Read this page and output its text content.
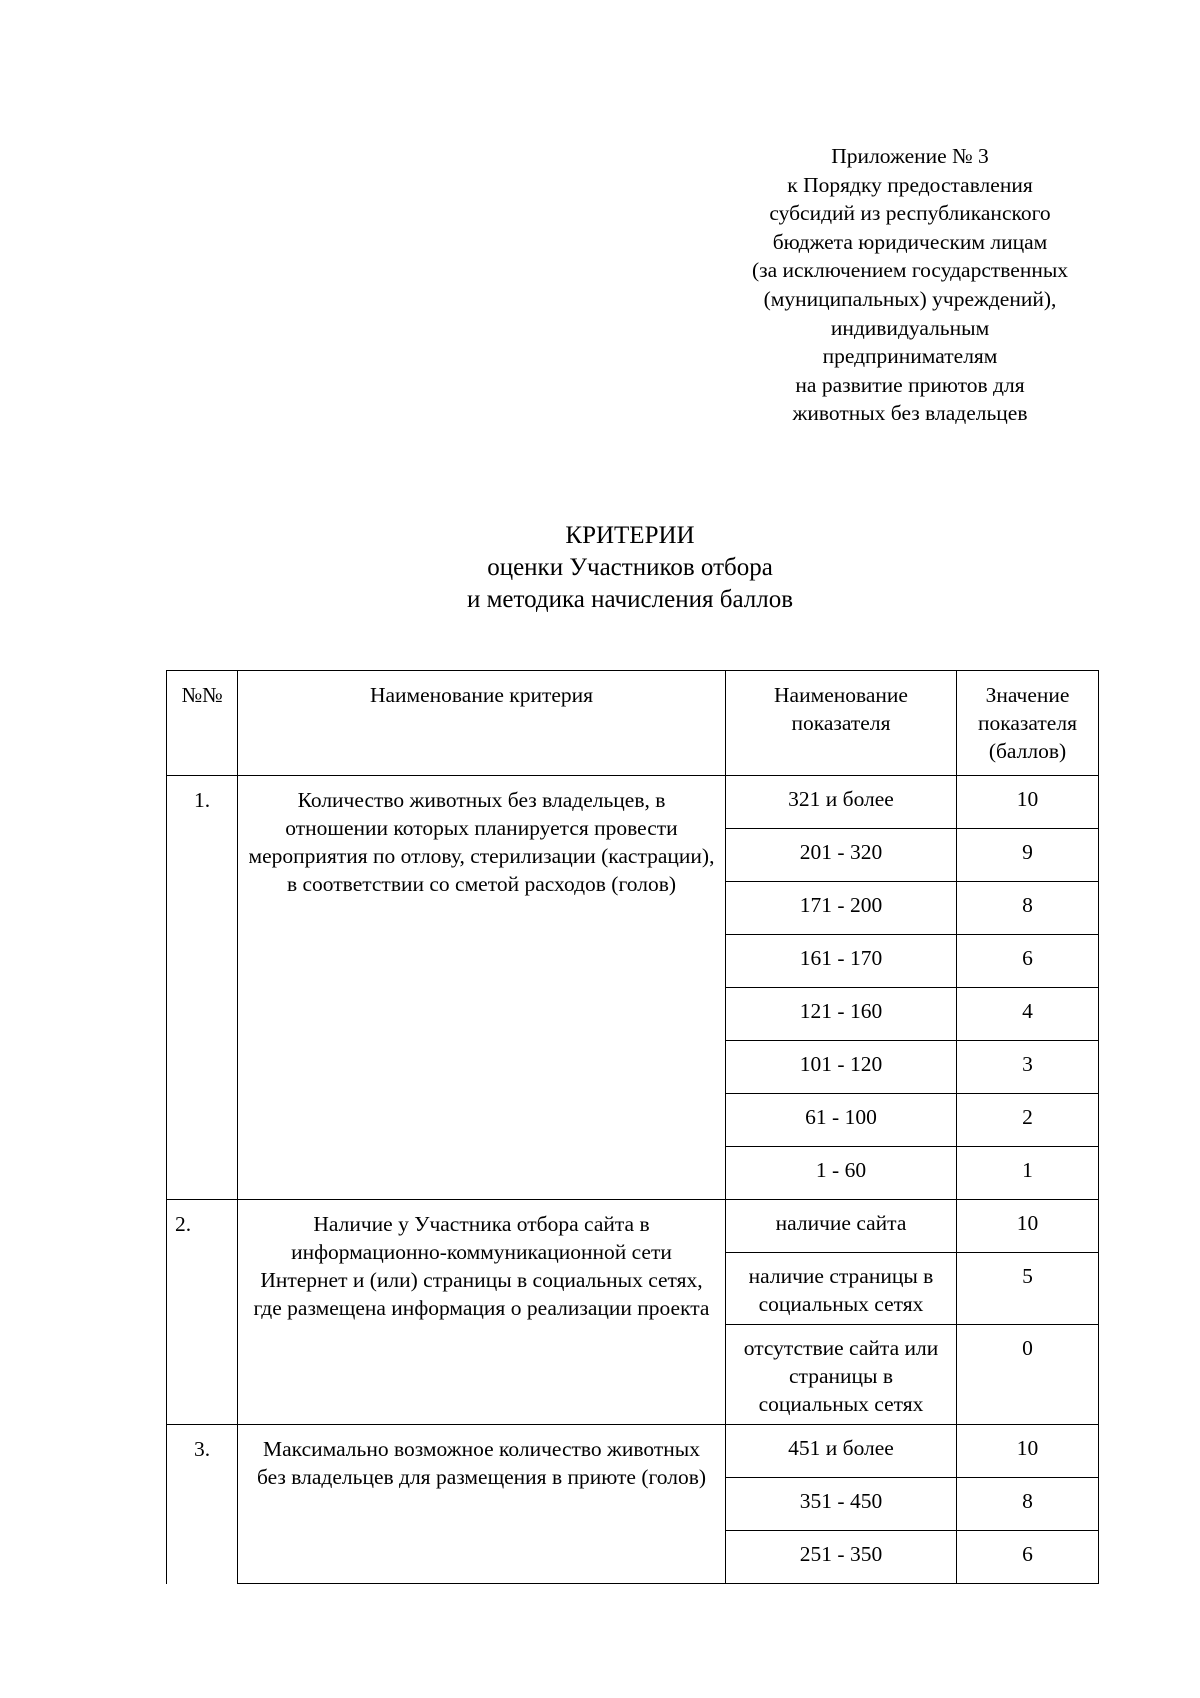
Приложение № 3
к Порядку предоставления
субсидий из республиканского
бюджета юридическим лицам
(за исключением государственных
(муниципальных) учреждений),
индивидуальным
предпринимателям
на развитие приютов для
животных без владельцев
КРИТЕРИИ
оценки Участников отбора
и методика начисления баллов
№№	Наименование критерия	Наименование показателя	Значение показателя (баллов)
1.	Количество животных без владельцев, в отношении которых планируется провести мероприятия по отлову, стерилизации (кастрации), в соответствии со сметой расходов (голов)	321 и более	10
		201 - 320	9
		171 - 200	8
		161 - 170	6
		121 - 160	4
		101 - 120	3
		61 - 100	2
		1 - 60	1
2.	Наличие у Участника отбора сайта в информационно-коммуникационной сети Интернет и (или) страницы в социальных сетях, где размещена информация о реализации проекта	наличие сайта	10
		наличие страницы в социальных сетях	5
		отсутствие сайта или страницы в социальных сетях	0
3.	Максимально возможное количество животных без владельцев для размещения в приюте (голов)	451 и более	10
		351 - 450	8
		251 - 350	6
